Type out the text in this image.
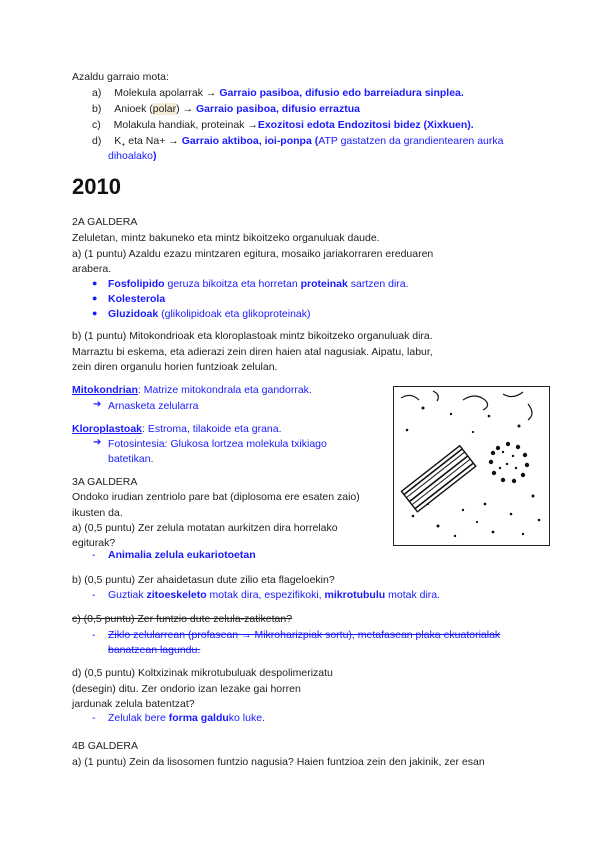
Azaldu garraio mota:
a) Molekula apolarrak → Garraio pasiboa, difusio edo barreiadura sinplea.
b) Anioek (polar) → Garraio pasiboa, difusio erraztua
c) Molakula handiak, proteinak →Exozitosi edota Endozitosi bidez (Xixkuen).
d) $K_+$ eta Na+ → Garraio aktiboa, ioi-ponpa (ATP gastatzen da grandientearen aurka
dihoalako)
2010
2A GALDERA
Zeluletan, mintz bakuneko eta mintz bikoitzeko organuluak daude.
a) (1 puntu) Azaldu ezazu mintzaren egitura, mosaiko jariakorraren ereduaren
arabera.
● Fosfolipido geruza bikoitza eta horretan proteinak sartzen dira.
● Kolesterola
● Gluzidoak (glikolipidoak eta glikoproteinak)
b) (1 puntu) Mitokondrioak eta kloroplastoak mintz bikoitzeko organuluak dira.
Marraztu bi eskema, eta adierazi zein diren haien atal nagusiak. Aipatu, labur,
zein diren organulu horien funtzioak zelulan.
Mitokondrian: Matrize mitokondrala eta gandorrak.
➔ Arnasketa zelularra
Kloroplastoak: Estroma, tilakoide eta grana.
➔ Fotosintesia: Glukosa lortzea molekula txikiago
batetikan.
3A GALDERA
Ondoko irudian zentriolo pare bat (diplosoma ere esaten zaio)
ikusten da.
a) (0,5 puntu) Zer zelula motatan aurkitzen dira horrelako
egiturak?
- Animalia zelula eukariotoetan
b) (0,5 puntu) Zer ahaidetasun dute zilio eta flageloekin?
- Guztiak zitoeskeleto motak dira, espezifikoki, mikrotubulu motak dira.
c) (0,5 puntu) Zer funtzio dute zelula-zatiketan?
- Ziklo zelularrean (profasean → Mikroharizpiak sortu), metafasean plaka ekuatorialak
banatzean lagundu.
d) (0,5 puntu) Koltxizinak mikrotubuluak despolimerizatu
(desegin) ditu. Zer ondorio izan lezake gai horren
jardunak zelula batentzat?
- Zelulak bere forma galduko luke.
4B GALDERA
a) (1 puntu) Zein da lisosomen funtzio nagusia? Haien funtzioa zein den jakinik, zer esan
